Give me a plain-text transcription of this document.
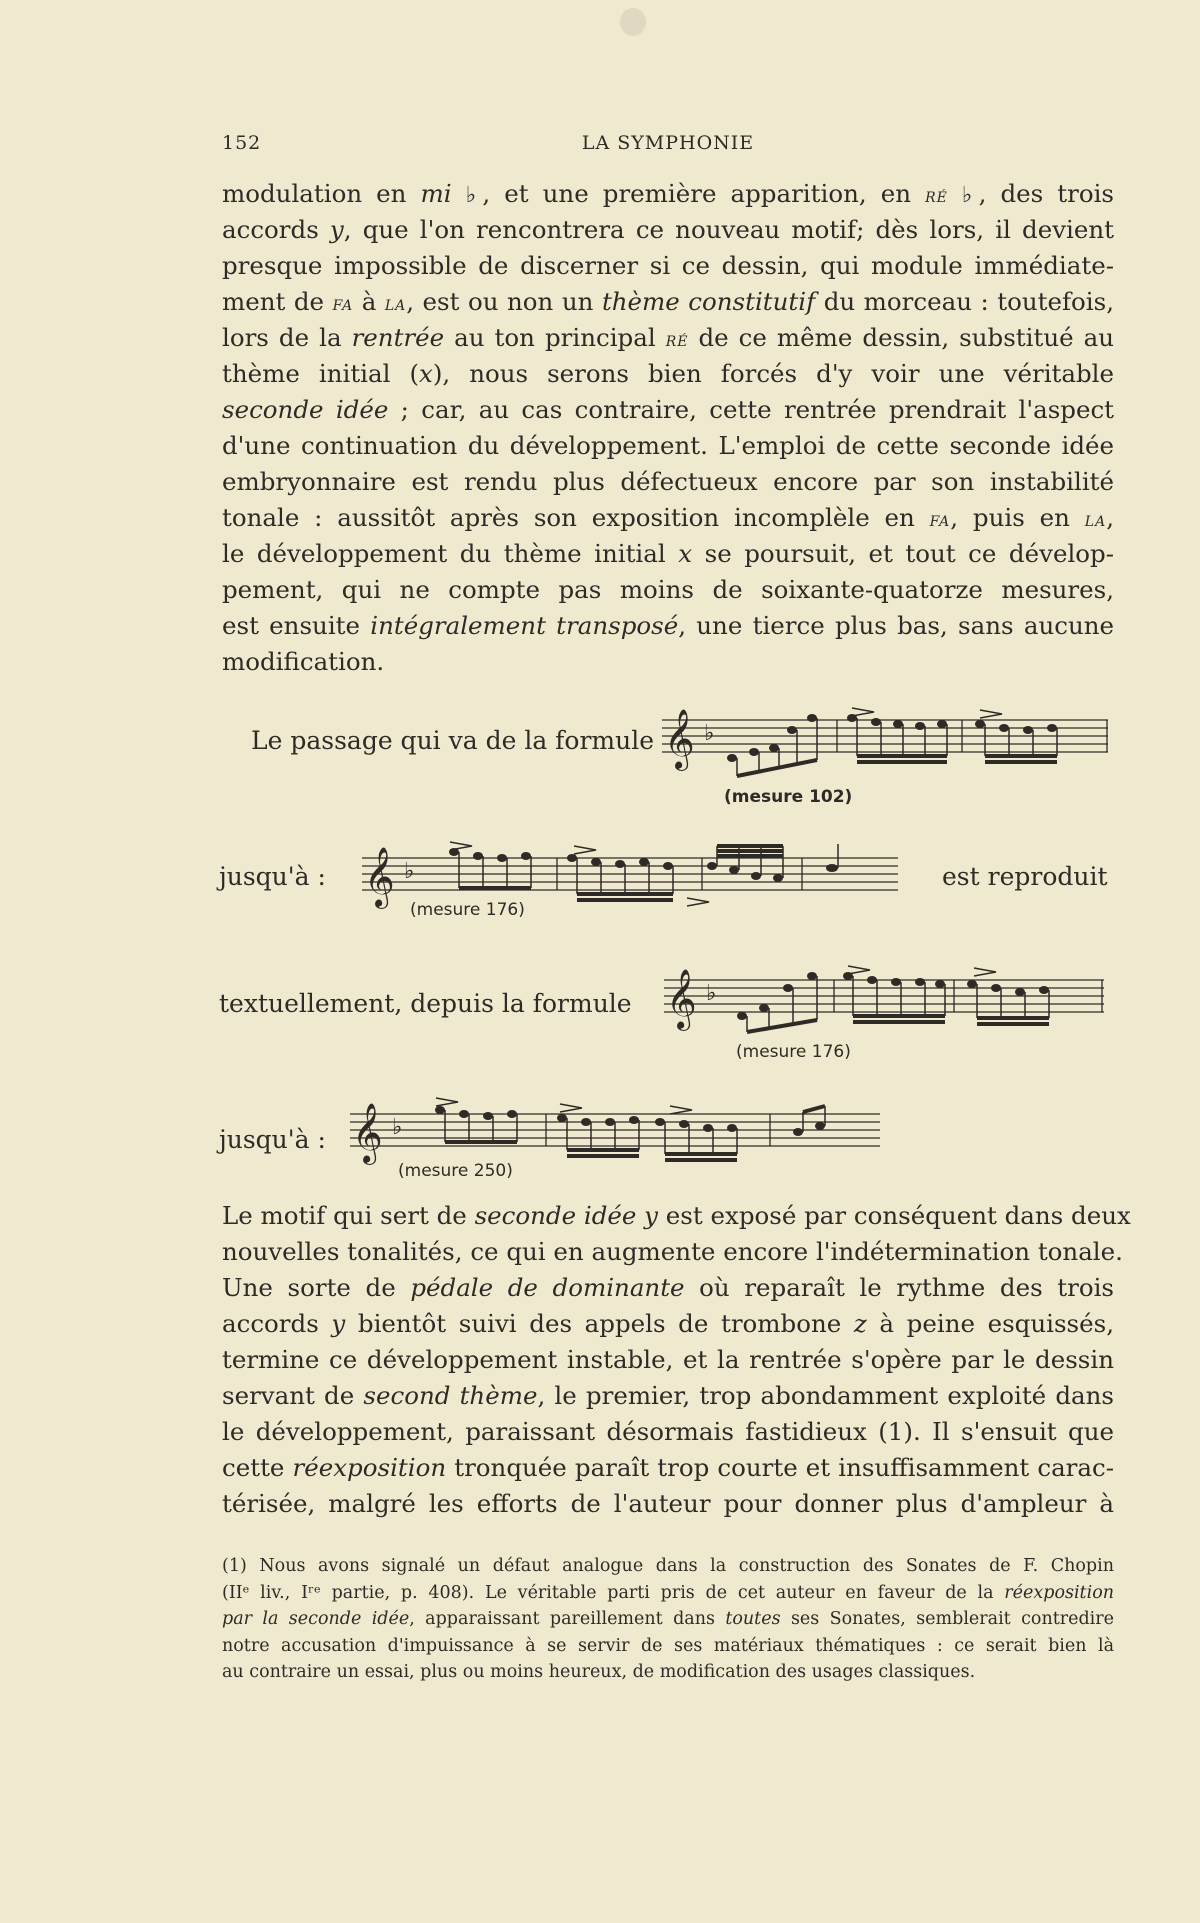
152	LA SYMPHONIE
modulation en mi ♭, et une première apparition, en ré ♭, des trois
accords y, que l'on rencontrera ce nouveau motif; dès lors, il devient
presque impossible de discerner si ce dessin, qui module immédiate-
ment de fa à la, est ou non un thème constitutif du morceau : toutefois,
lors de la rentrée au ton principal ré de ce même dessin, substitué au
thème initial (x), nous serons bien forcés d'y voir une véritable
seconde idée ; car, au cas contraire, cette rentrée prendrait l'aspect
d'une continuation du développement. L'emploi de cette seconde idée
embryonnaire est rendu plus défectueux encore par son instabilité
tonale : aussitôt après son exposition incomplèle en fa, puis en la,
le développement du thème initial x se poursuit, et tout ce dévelop-
pement, qui ne compte pas moins de soixante-quatorze mesures,
est ensuite intégralement transposé, une tierce plus bas, sans aucune
modification.
Le passage qui va de la formule 𝄞 ♭
(mesure 102)
jusqu'à : 𝄞 ♭
(mesure 176)
est reproduit
textuellement, depuis la formule 𝄞 ♭
(mesure 176)
jusqu'à : 𝄞 ♭
(mesure 250)
Le motif qui sert de seconde idée y est exposé par conséquent dans deux
nouvelles tonalités, ce qui en augmente encore l'indétermination tonale.
Une sorte de pédale de dominante où reparaît le rythme des trois
accords y bientôt suivi des appels de trombone z à peine esquissés,
termine ce développement instable, et la rentrée s'opère par le dessin
servant de second thème, le premier, trop abondamment exploité dans
le développement, paraissant désormais fastidieux (1). Il s'ensuit que
cette réexposition tronquée paraît trop courte et insuffisamment carac-
térisée, malgré les efforts de l'auteur pour donner plus d'ampleur à
(1) Nous avons signalé un défaut analogue dans la construction des Sonates de F. Chopin
(IIᵉ liv., Iʳᵉ partie, p. 408). Le véritable parti pris de cet auteur en faveur de la réexposition
par la seconde idée, apparaissant pareillement dans toutes ses Sonates, semblerait contredire
notre accusation d'impuissance à se servir de ses matériaux thématiques : ce serait bien là
au contraire un essai, plus ou moins heureux, de modification des usages classiques.
